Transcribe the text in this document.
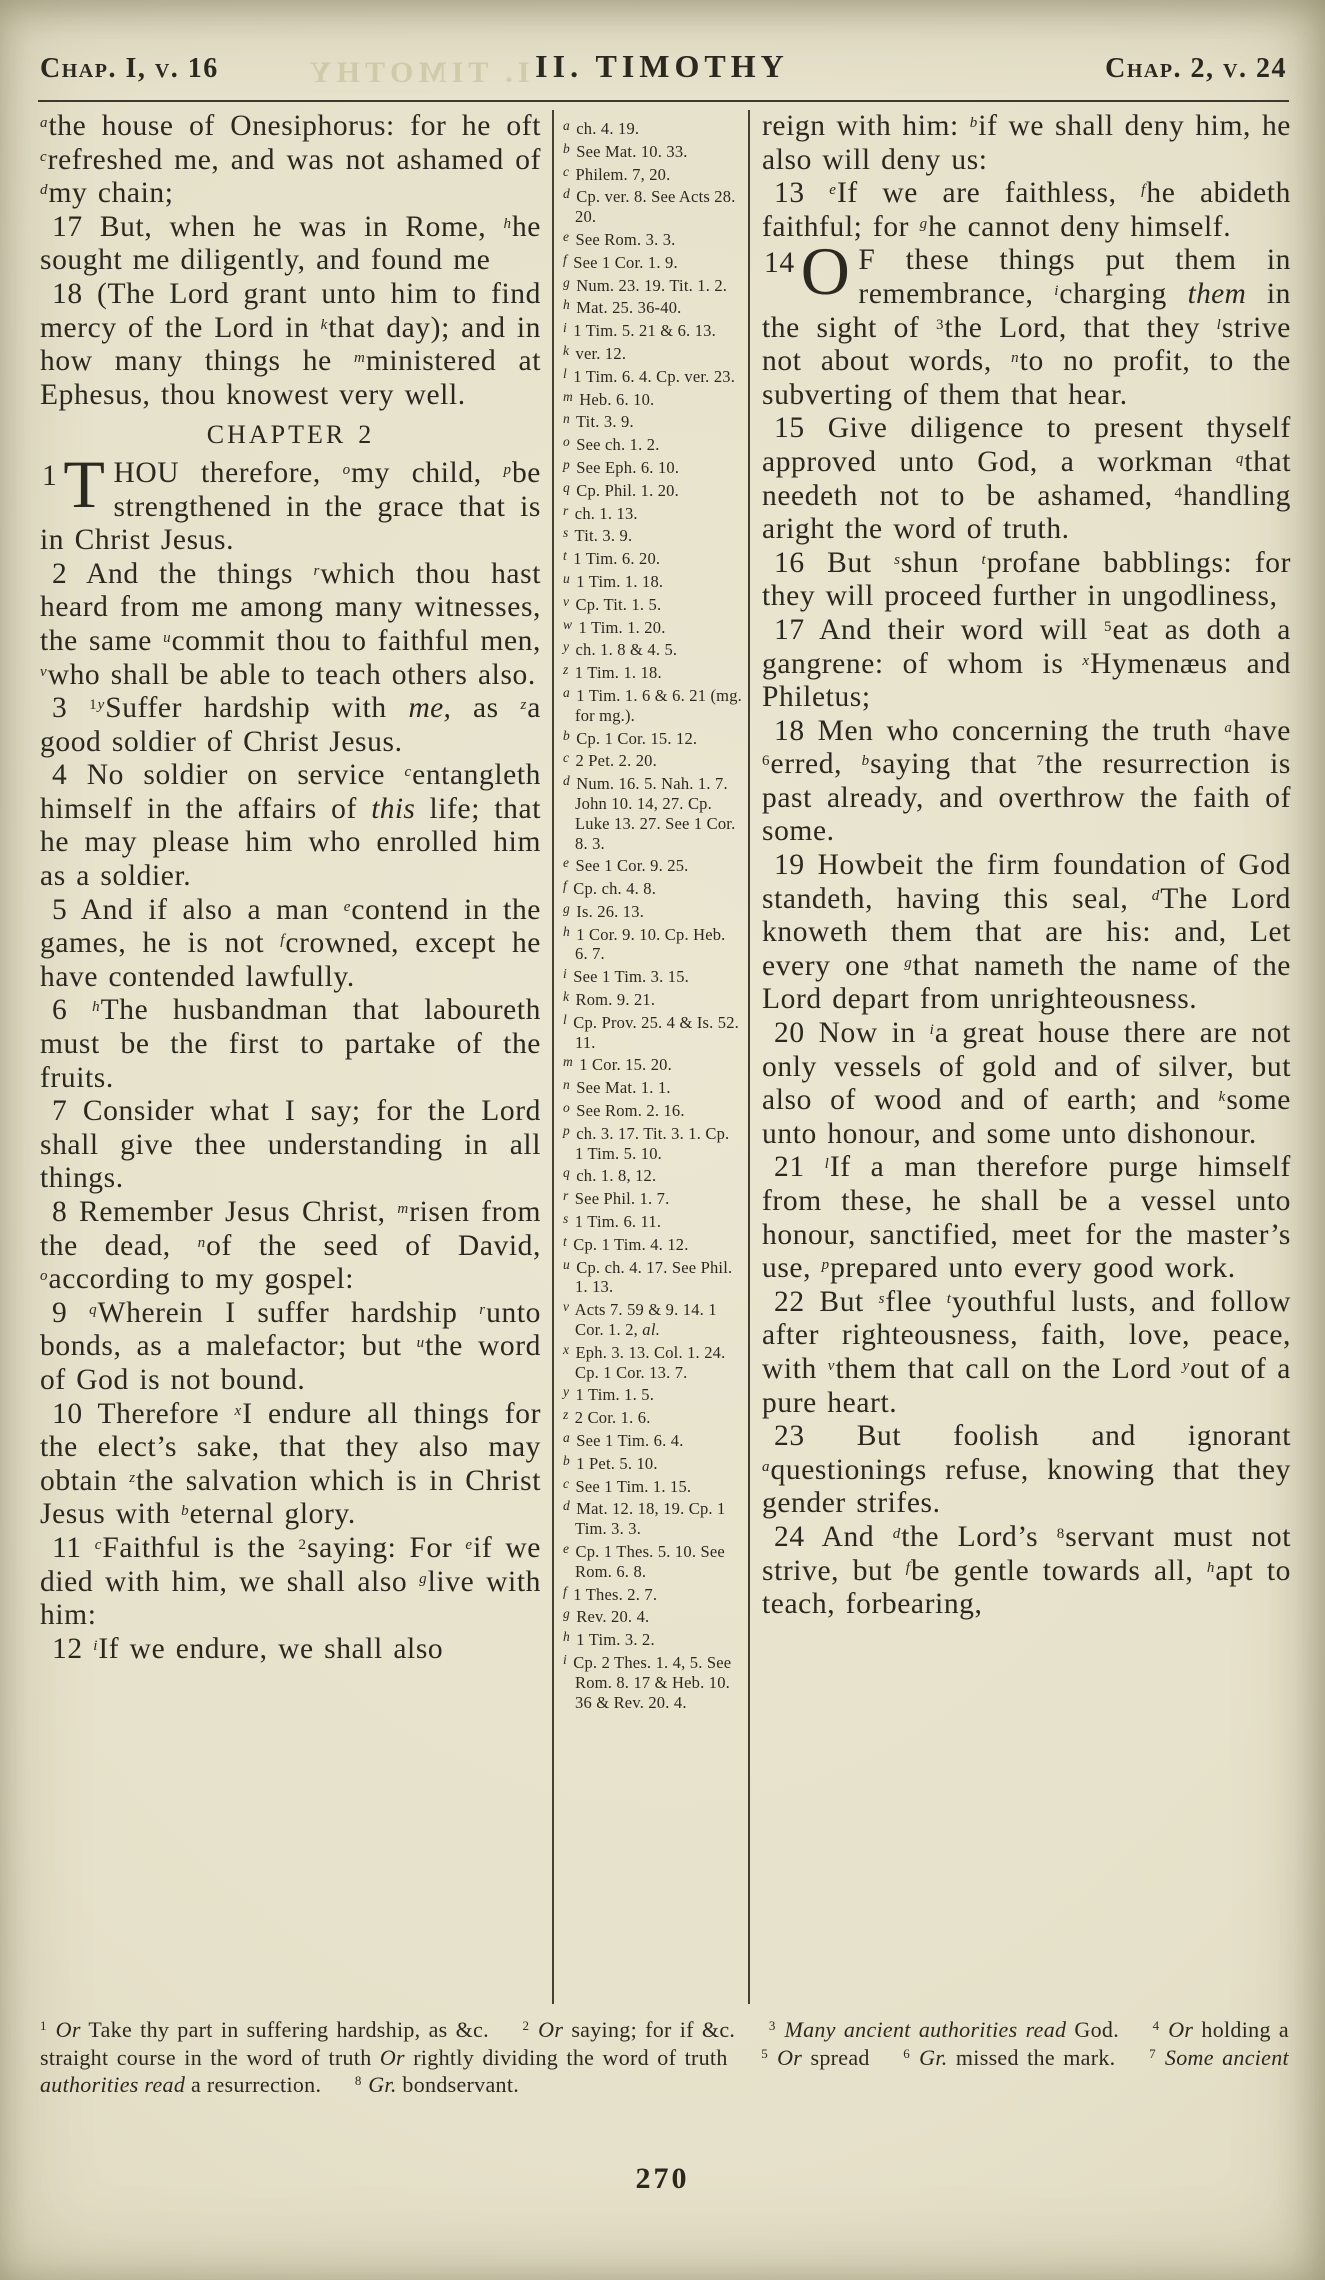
I. TIMOTHY
Chap. I, v. 16	II. TIMOTHY	Chap. 2, v. 24

$^a$the house of Onesiphorus: for he oft $^c$refreshed me, and was not ashamed of $^d$my chain;

17 But, when he was in Rome, $^h$he sought me diligently, and found me

18 (The Lord grant unto him to find mercy of the Lord in $^k$that day); and in how many things he $^m$ministered at Ephesus, thou knowest very well.

CHAPTER 2

1 T HOU therefore, $^o$my child, $^p$be strengthened in the grace that is in Christ Jesus.

2 And the things $^r$which thou hast heard from me among many witnesses, the same $^u$commit thou to faithful men, $^v$who shall be able to teach others also.

3 $^{1y}$Suffer hardship with me, as $^z$a good soldier of Christ Jesus.

4 No soldier on service $^c$entangleth himself in the affairs of this life; that he may please him who enrolled him as a soldier.

5 And if also a man $^e$contend in the games, he is not $^f$crowned, except he have contended lawfully.

6 $^h$The husbandman that laboureth must be the first to partake of the fruits.

7 Consider what I say; for the Lord shall give thee understanding in all things.

8 Remember Jesus Christ, $^m$risen from the dead, $^n$of the seed of David, $^o$according to my gospel:

9 $^q$Wherein I suffer hardship $^r$unto bonds, as a malefactor; but $^u$the word of God is not bound.

10 Therefore $^x$I endure all things for the elect’s sake, that they also may obtain $^z$the salvation which is in Christ Jesus with $^b$eternal glory.

11 $^c$Faithful is the $^2$saying: For $^e$if we died with him, we shall also $^g$live with him:

12 $^i$If we endure, we shall also

$^a$ ch. 4. 19.
$^b$ See Mat. 10. 33.
$^c$ Philem. 7, 20.
$^d$ Cp. ver. 8. See Acts 28. 20.
$^e$ See Rom. 3. 3.
$^f$ See 1 Cor. 1. 9.
$^g$ Num. 23. 19. Tit. 1. 2.
$^h$ Mat. 25. 36-40.
$^i$ 1 Tim. 5. 21 & 6. 13.
$^k$ ver. 12.
$^l$ 1 Tim. 6. 4. Cp. ver. 23.
$^m$ Heb. 6. 10.
$^n$ Tit. 3. 9.
$^o$ See ch. 1. 2.
$^p$ See Eph. 6. 10.
$^q$ Cp. Phil. 1. 20.
$^r$ ch. 1. 13.
$^s$ Tit. 3. 9.
$^t$ 1 Tim. 6. 20.
$^u$ 1 Tim. 1. 18.
$^v$ Cp. Tit. 1. 5.
$^w$ 1 Tim. 1. 20.
$^y$ ch. 1. 8 & 4. 5.
$^z$ 1 Tim. 1. 18.
$^a$ 1 Tim. 1. 6 & 6. 21 (mg. for mg.).
$^b$ Cp. 1 Cor. 15. 12.
$^c$ 2 Pet. 2. 20.
$^d$ Num. 16. 5. Nah. 1. 7. John 10. 14, 27. Cp. Luke 13. 27. See 1 Cor. 8. 3.
$^e$ See 1 Cor. 9. 25.
$^f$ Cp. ch. 4. 8.
$^g$ Is. 26. 13.
$^h$ 1 Cor. 9. 10. Cp. Heb. 6. 7.
$^i$ See 1 Tim. 3. 15.
$^k$ Rom. 9. 21.
$^l$ Cp. Prov. 25. 4 & Is. 52. 11.
$^m$ 1 Cor. 15. 20.
$^n$ See Mat. 1. 1.
$^o$ See Rom. 2. 16.
$^p$ ch. 3. 17. Tit. 3. 1. Cp. 1 Tim. 5. 10.
$^q$ ch. 1. 8, 12.
$^r$ See Phil. 1. 7.
$^s$ 1 Tim. 6. 11.
$^t$ Cp. 1 Tim. 4. 12.
$^u$ Cp. ch. 4. 17. See Phil. 1. 13.
$^v$ Acts 7. 59 & 9. 14. 1 Cor. 1. 2, al.
$^x$ Eph. 3. 13. Col. 1. 24. Cp. 1 Cor. 13. 7.
$^y$ 1 Tim. 1. 5.
$^z$ 2 Cor. 1. 6.
$^a$ See 1 Tim. 6. 4.
$^b$ 1 Pet. 5. 10.
$^c$ See 1 Tim. 1. 15.
$^d$ Mat. 12. 18, 19. Cp. 1 Tim. 3. 3.
$^e$ Cp. 1 Thes. 5. 10. See Rom. 6. 8.
$^f$ 1 Thes. 2. 7.
$^g$ Rev. 20. 4.
$^h$ 1 Tim. 3. 2.
$^i$ Cp. 2 Thes. 1. 4, 5. See Rom. 8. 17 & Heb. 10. 36 & Rev. 20. 4.

reign with him: $^b$if we shall deny him, he also will deny us:

13 $^e$If we are faithless, $^f$he abideth faithful; for $^g$he cannot deny himself.

14 O F these things put them in remembrance, $^i$charging them in the sight of $^3$the Lord, that they $^l$strive not about words, $^n$to no profit, to the subverting of them that hear.

15 Give diligence to present thyself approved unto God, a workman $^q$that needeth not to be ashamed, $^4$handling aright the word of truth.

16 But $^s$shun $^t$profane babblings: for they will proceed further in ungodliness,

17 And their word will $^5$eat as doth a gangrene: of whom is $^x$Hymenæus and Philetus;

18 Men who concerning the truth $^a$have $^6$erred, $^b$saying that $^7$the resurrection is past already, and overthrow the faith of some.

19 Howbeit the firm foundation of God standeth, having this seal, $^d$The Lord knoweth them that are his: and, Let every one $^g$that nameth the name of the Lord depart from unrighteousness.

20 Now in $^i$a great house there are not only vessels of gold and of silver, but also of wood and of earth; and $^k$some unto honour, and some unto dishonour.

21 $^l$If a man therefore purge himself from these, he shall be a vessel unto honour, sanctified, meet for the master’s use, $^p$prepared unto every good work.

22 But $^s$flee $^t$youthful lusts, and follow after righteousness, faith, love, peace, with $^v$them that call on the Lord $^y$out of a pure heart.

23 But foolish and ignorant $^a$questionings refuse, knowing that they gender strifes.

24 And $^d$the Lord’s $^8$servant must not strive, but $^f$be gentle towards all, $^h$apt to teach, forbearing,

$^1$ Or Take thy part in suffering hardship, as &c.  $^2$ Or saying; for if &c.  $^3$ Many ancient authorities read God.  $^4$ Or holding a straight course in the word of truth Or rightly dividing the word of truth  $^5$ Or spread  $^6$ Gr. missed the mark.  $^7$ Some ancient authorities read a resurrection.  $^8$ Gr. bondservant.

270
